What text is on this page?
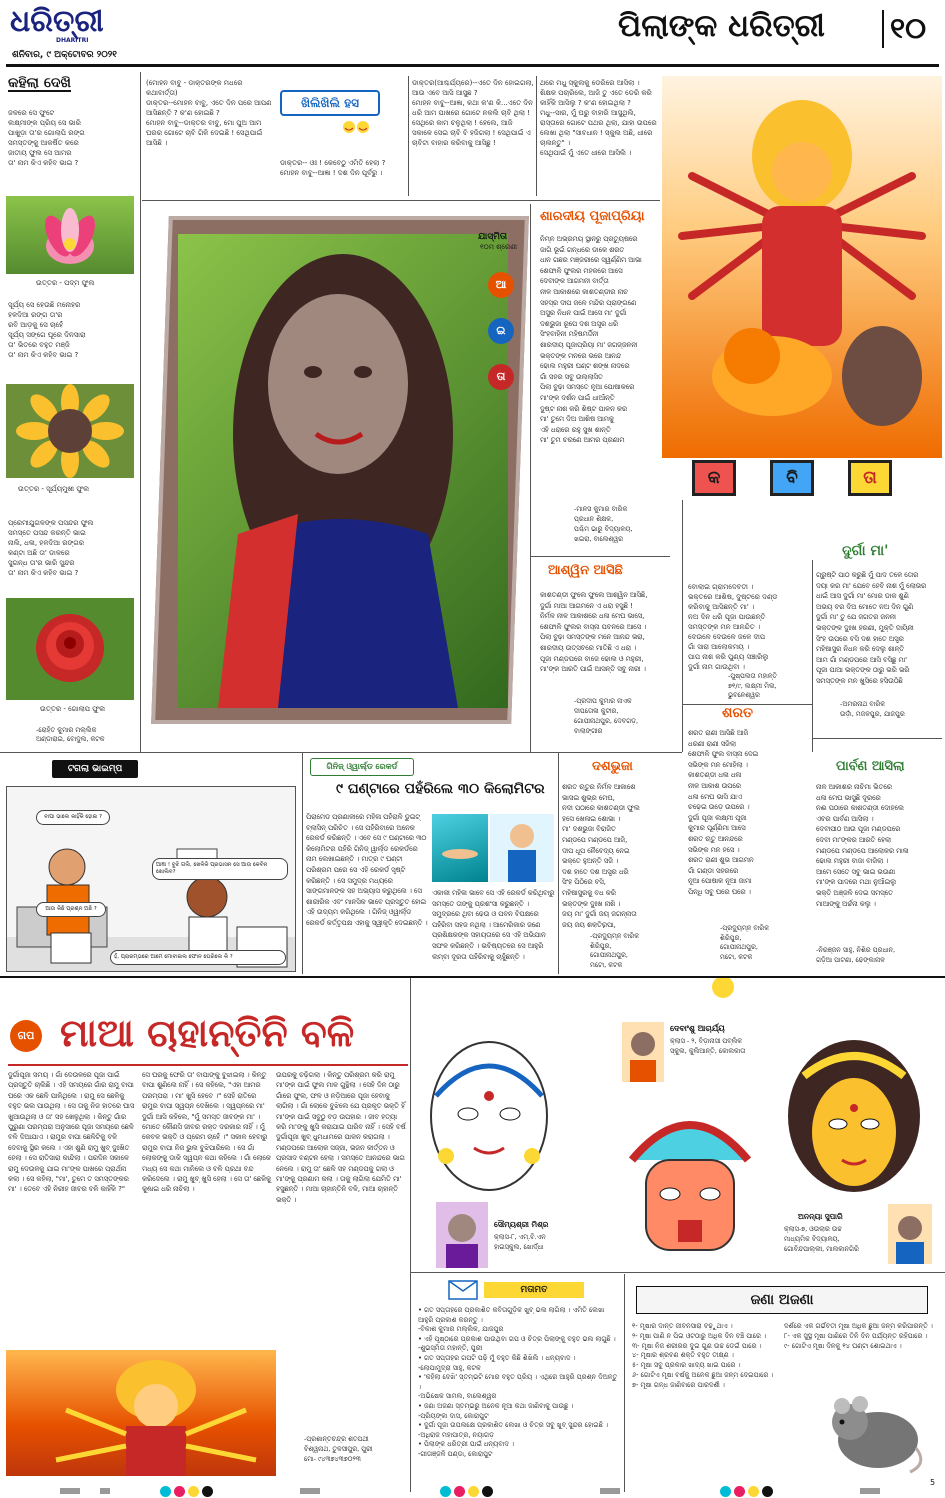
ଧରିତ୍ରୀ
DHARITRI
ଶନିବାର, ୯ ଅକ୍ଟୋବର ୨୦୨୧
ପିଲାଙ୍କ ଧରିତ୍ରୀ ୧୦
କହିଲା ଦେଖି
ଜଳରେ ସେ ଫୁଟେ
ଲକ୍ଷ୍ମୀଙ୍କ ପ୍ରିୟ ସେ ଭାରି
ପାଖୁଡ଼ା ତା'ର ଗୋଲାପି ରଙ୍ଗ
ସମସ୍ତଙ୍କୁ ଆକର୍ଷିତ କରେ
ଜାତୀୟ ଫୁଲ ସେ ଆମର
ତା' ନାମ କିଏ କହିବ ଭାଇ ?
ଉତ୍ତର - ପଦ୍ମ ଫୁଲ
ସୂର୍ଯ୍ୟ ସେ ହେଉଛି ମନୋହର
ହଳଦିଆ ରଙ୍ଗ ତା'ର
ରବି ଆଡ଼କୁ ସେ ଚାହେଁ
ସୂର୍ଯ୍ୟ ସଙ୍ଗେ ଘୂରେ ଦିନସାରା
ତା' ଭିତରେ ବହୁତ ମଞ୍ଜି
ତା' ନାମ କିଏ କହିବ ଭାଇ ?
ଉତ୍ତର - ସୂର୍ଯ୍ୟମୁଖୀ ଫୁଲ
ପ୍ରେମୀଯୁଗଳଙ୍କ ପସନ୍ଦର ଫୁଲ
ସମସ୍ତେ ପସନ୍ଦ କରନ୍ତି ଭାଇ
ନାଲି, ଧଳା, ହଳଦିଆ ରଙ୍ଗର
କଣ୍ଟା ଅଛି ତା' ଡାଳରେ
ସୁଗନ୍ଧ ତା'ର ଭାରି ସୁନ୍ଦର
ତା' ନାମ କିଏ କହିବ ଭାଇ ?
ଉତ୍ତର - ଗୋଲାପ ଫୁଲ
-ରୋହିତ କୁମାର ମଲ୍ଲିକ
ଅଣ୍ଡାରାଇ, ବୋଦୁଲ, କଟକ
(ମୋହନ ବାବୁ - ଡାକ୍ତରଙ୍କ ମଧରେ କଥାବାର୍ତ୍ତା)
ଡାକ୍ତର--ମୋହନ ବାବୁ, ଏତେ ଦିନ ପରେ ଆପଣ ଆସିଛନ୍ତି ? କ'ଣ ହୋଇଛି ?
ମୋହନ ବାବୁ--ଡାକ୍ତର ବାବୁ, ମୋ ପୁଅ ଆମ ଘରର ଗୋଟେ ଚାବି ଗିଳି ଦେଇଛି ! ସେଥିପାଇଁ ଆସିଛି ।
ଖିଲିଖିଲି ହସ
ଡାକ୍ତର-- ଓଃ ! କେବେଠୁ ଏମିତି ହେଲା ?
ମୋହନ ବାବୁ--ଆଜ୍ଞା ! ଦଶ ଦିନ ପୂର୍ବରୁ ।
ଡାକ୍ତର(ଆଶ୍ଚର୍ଯ୍ୟରେ)--ଏତେ ଦିନ ହୋଇଗଲା, ଆଉ ଏବେ ଆସି ଆସୁଛ ?
ମୋହନ ବାବୁ--ଆଜ୍ଞା, କଥା କ'ଣ କି...ଏତେ ଦିନ ଧରି ଆମ ପାଖରେ ଗୋଟେ ନକଲି ଚାବି ଥିଲା ! ସେଥିରେ କାମ ଚଳୁଥିଲା ! ହେଲେ, ଆଜି ସକାଳେ ସେଇ ଚାବି ବି ହଜିଗଲା ! ସେଥିପାଇଁ ଏ ଚାବିଟା ବାହାର କରିବାକୁ ଆସିଛୁ !
ଥରେ ମଧୁ ସ୍କୁଲକୁ ଡେରିରେ ଆସିଲା ।
ଶିକ୍ଷକ ପଚାରିଲେ, ଆଜି ତୁ ଏତେ ଡେରି କରି କାହିଁକି ଆସିଲୁ ? କ'ଣ ହୋଇଥିଲା ?
ମଧୁ--ସାର, ମୁଁ ଘରୁ ବାହାରି ଆସୁଥିଲି, ରାସ୍ତାରେ ଗୋଟେ ପଥର ଥିଲା, ଯାହା ଉପରେ ଲେଖା ଥିଲା "ସାବଧାନ ! ସ୍କୁଲ ଅଛି, ଧୀରେ ଚାଲନ୍ତୁ" ।
ସେଥିପାଇଁ ମୁଁ ଏତେ ଧୀରେ ଆସିଲି ।
ଯାସ୍ମିତା
୧୦ମ ଶ୍ରେଣୀ
ଆ
ଇ
ତା
ଶାରଦୀୟ ପୂଜାପ୍ରିୟା
ନିମ୍ନ ଅଭ୍ରମୟ ସ୍ଥାନରୁ ପ୍ରତ୍ୟୁଷରେ
ଜାଗି ଭୂଇଁ ଗନ୍ଧରେ ଡାକେ ଶରତ
ଧାନ ଗଛର ମଞ୍ଜରୀରେ ସ୍ୱର୍ଣ୍ଣିମ ଆଭା
ଶେଫାଳି ଫୁଲର ମହକରେ ଆସେ
ଦେବୀଙ୍କ ଆଗମନୀ ବାର୍ତ୍ତା
ନୀଳ ଆକାଶରେ କାଶତଣ୍ଡୀର ନାଚ
ସହସ୍ର ଦୀପ ଜଳେ ମନ୍ଦିର ପ୍ରାଙ୍ଗଣେ
ଅସୁର ନିଧନ ପାଇଁ ଆସେ ମା' ଦୁର୍ଗା
ଦଶଭୁଜା ରୂପେ ଦଶ ଅସ୍ତ୍ର ଧରି
ସିଂହବାହିନୀ ମହିଷମର୍ଦ୍ଦିନୀ
ଶାରଦୀୟ ପୂଜାପ୍ରିୟା ମା' ଜଗଜ୍ଜନନୀ
ଭକ୍ତଙ୍କ ମନରେ ଭରେ ଆନନ୍ଦ
ଢୋଲ ମହୁରୀ ଘଣ୍ଟ ଶଙ୍ଖ ନାଦରେ
ଗାଁ ସହର ସବୁ ଉଲ୍ଲାସିତ
ପିଲା ବୁଢ଼ା ସମସ୍ତେ ନୂଆ ପୋଷାକରେ
ମା'ଙ୍କ ଦର୍ଶନ ପାଇଁ ଧାଆଁନ୍ତି
ଦୁଷ୍ଟ ନାଶ କରି ଶିଷ୍ଟ ପାଳନ କର
ମା' ତୁମେ ଦିଅ ଆଶିଷ ଆମକୁ
ଏହି ଧରାରେ ରହୁ ସୁଖ ଶାନ୍ତି
ମା' ତୁମ ଚରଣେ ଆମର ପ୍ରଣାମ
-ମାନସ କୁମାର ବାରିକ
ପ୍ରଧାନ ଶିକ୍ଷକ,
ପଶ୍ଚିମ ଭାରୁ ବିଦ୍ୟାଳୟ,
ଖଇରା, ବାଲେଶ୍ୱର
କ	ବି	ତା
ଆଶ୍ୱିନ ଆସିଛି
କାଶତଣ୍ଡୀ ଫୁଲେ ଫୁଲେ ଆଶ୍ୱିନ ଆସିଛି,
ଦୁର୍ଗା ମାଆ ଆଗମନେ ଏ ଧରା ହସୁଛି !
ନିର୍ମଳ ନୀଳ ଆକାଶରେ ଧଳା ମେଘ ଭାସେ,
ଶେଫାଳି ଫୁଲର ବାସ୍ନା ପବନରେ ଆସେ ।
ପିଲା ବୁଢ଼ା ସମସ୍ତଙ୍କ ମନେ ଆନନ୍ଦ ଭରା,
ଶାରଦୀୟ ଉତ୍ସବରେ ମାତିଛି ଏ ଧରା ।
ପୂଜା ମଣ୍ଡପରେ ବାଜେ ଢୋଲ ଓ ମହୁରୀ,
ମା'ଙ୍କ ଆରତି ପାଇଁ ଆସନ୍ତି ସବୁ ନାରୀ ।
-ପ୍ରଦୀପ କୁମାର ନାଏକ
ଦୀପତୋଳା କୁଟୀର,
ଗୋପୀନାଥପୁର, ଦେବଗଡ଼,
ବାଲାଙ୍ଗୀର
ବୋଲାଇ ଗ୍ରାମଦେବତୀ ।
ଭକ୍ତରେ ଆଶିଷ, ଦୁଷ୍ଟରେ ଦଣ୍ଡ
କରିବାକୁ ଆସିଛନ୍ତି ମା' ।
ନଅ ଦିନ ଧରି ପୂଜା ପାଉଛନ୍ତି
ସମସ୍ତଙ୍କ ମନ ଆନନ୍ଦିତ ।
ଦେଉଳେ ଦେଉଳେ ଜଳେ ଦୀପ
ଗାଁ ସାରା ଆଲୋକମୟ ।
ପାପ ନାଶ କରି ପୁଣ୍ୟ ସଞ୍ଚାରିଲୁ
ଦୁର୍ଗା ନାମ ଗାଉଥିବା ।
-ପୁଷ୍ପଲତା ମହାନ୍ତି
୭୧/୯, ଲକ୍ଷ୍ମୀ ମିଲ,
ଭୁବନେଶ୍ୱର
ଦୁର୍ଗା ମା'
ଗ୍ରୁଷ୍ଟି ପାଠ କରୁଛି ମୁଁ ପାଦ ତଳେ ତୋର
ଦୟା କର ମା' ଯେବେ ହେବି ନାଶ ମୁଁ ଲୋଭର
ଧାଇଁ ଆସ ଦୁର୍ଗା ମା' ମୋର ଡାକ ଶୁଣି
ଅଭୟ ବର ଦିଅ ମୋତେ ନଅ ଦିନ ଗୁଣି
ଦୁର୍ଗା ମା' ତୁ ଯେ ଜଗତର ଜନନୀ
ଭକ୍ତଙ୍କ ଦୁଃଖ ହରଣୀ, ମୁକ୍ତି ଦାୟିନୀ
ସିଂହ ଉପରେ ବସି ଦଶ ହାତେ ଅସ୍ତ୍ର
ମହିଷାସୁର ନିଧନ କରି ଦେଲୁ ଶାନ୍ତି
ଆମ ଗାଁ ମଣ୍ଡପରେ ଆସି ବସିଛୁ ମା'
ପୂଜା ପାଆ ଭକ୍ତଙ୍କ ଠାରୁ ଭରି ଭରି
ସମସ୍ତଙ୍କ ମନ ଖୁସିରେ ହସିଉଠିଛି
-ଅମରନାଥ ବାରିକ
ଉଡ଼ାଁ, ମଜଳପୁର, ଯାଜପୁର
ଶରତ
ଶରତ ରାଣୀ ଆସିଛି ଆଜି
ଧରଣୀ ରାଣୀ ସଜିଲା
ଶେଫାଳି ଫୁଲ ବାସ୍ନା ଦେଇ
ସଭିଙ୍କ ମନ ମୋହିଲା ।
କାଶତଣ୍ଡୀ ଧଳା ଧଳା
ନୀଳ ଆକାଶ ଉପରେ
ଧଳା ମେଘ ଭାସି ଯାଏ
ଚଢ଼େଇ ଉଡ଼େ ଉପରେ ।
ଦୁର୍ଗା ପୂଜା ଲକ୍ଷ୍ମୀ ପୂଜା
କୁମାର ପୂର୍ଣ୍ଣିମା ଆସେ
ଶରତ ଋତୁ ଆନନ୍ଦରେ
ସଭିଙ୍କ ମନ ହସେ ।
ଶରତ ରାଣୀ ଶୁଭ ଆଗମନ
ଗାଁ ଗଣ୍ଡା ସହରରେ
ନୂଆ ପୋଷାକ ନୂଆ ଜାମା
ପିନ୍ଧି ସବୁ ଘରେ ଘରେ ।
-ପ୍ରଦ୍ୟୁମ୍ନ ବାରିକ
ଶିରିପୁର,
ଗୋପୀନାଥପୁର,
ମଟୋ, କଟକ
ପାର୍ବଣ ଆସିଲା
ନାଳ ଆକାଶର ନାଚିମା ଭିତରେ
ଧଳା ମେଘ ଭାସୁଛି ଦୂରରେ
ନଈ ପଠାରେ କାଶତଣ୍ଡୀ ଦୋହଲେ
ଏବର ପାର୍ବଣ ଆସିଲା ।
ଦେବୀପୀଠ ଆଉ ପୂଜା ମଣ୍ଡପରେ
ଦେବୀ ମା'ଙ୍କର ଆରତି ହେଲା
ମଣ୍ଡପେ ମଣ୍ଡପେ ଆଲୋକର ମାଳା
ଢୋଲ ମହୁରୀ ବାଜା ବାଜିଲା ।
ଆମେ ସେତେ ସବୁ ଭାଇ ଭଉଣୀ
ମା'ଙ୍କ ପାଦରେ ମଥା ନୁଆଁଇଲୁ
ଭକ୍ତି ଅଞ୍ଜଳି ଦେଇ ସମସ୍ତେ
ମାଆଙ୍କୁ ଅର୍ଚ୍ଚନା କଲୁ ।
-ନିରଞ୍ଜନ ସାହୁ, ନିଶିର ପ୍ରଧାନ,
ଗଡ଼ିଆ ପାଟଣା, ଢେଙ୍କାନାଳ
ଦଶଭୁଜା
ଶରତ ଋତୁର ନିର୍ମଳ ଆକାଶେ
ଭାସଇ ଶୁଭ୍ର ମେଘ,
ନଦୀ ପଠାରେ କାଶତଣ୍ଡୀ ଫୁଲ
ହସେ ଖେଳାଇ ଶୋଭା ।
ମା' ଦଶଭୁଜା ବିରାଜିତ
ମଣ୍ଡପେ ମଣ୍ଡପେ ଆଜି,
ଦୀପ ଧୂପ ନୈବେଦ୍ୟ ନେଇ
ଭକ୍ତେ ହୁଅନ୍ତି ସଜି ।
ଦଶ ହାତେ ଦଶ ଅସ୍ତ୍ର ଧରି
ସିଂହ ପିଠିରେ ବସି,
ମହିଷାସୁରକୁ ବଧ କରି
ଭକ୍ତଙ୍କ ଦୁଃଖ ନାଶି ।
ଜୟ ମା' ଦୁର୍ଗା ଜୟ ଜଗନ୍ନାତା
ଜୟ ଜୟ ଶକ୍ତିରୂପା,

-ପ୍ରଦ୍ୟୁମ୍ନ ବାରିକ
ଶିରିପୁର,
ଗୋପୀନାଥପୁର,
ମଟୋ, କଟକ
ଟଗଲା ଭାଇମ୍ପ
ବାପା ଭାଲେ କାହିଁକି ହୋଇ ?
ଆଜ୍ଞା ! ବୁଝି ଗଲି, ଖେଳିକି ପ୍ରଭାସନ ସେ ଆଉ କେବିନ ଖୋଲିବ?
ଆଉ କିଛି ପ୍ରଶ୍ନ ଅଛି ?
ହଁ, ପ୍ରାରମ୍ଭରେ ଆମେ ମୋବାଇଲ ଫୋନ ଘେରିଲେ କି ?
ଗିନିଜ୍ ଓ୍ୱାର୍ଲ୍ଡ ରେକର୍ଡ
୯ ଘଣ୍ଟାରେ ପହଁରିଲେ ୩୦ କିଲୋମିଟର
ପିରାମେଡ ପ୍ରଣାଳୀରେ ମହିଳା ପହଁରାଳି ଡୁଇଟ୍ ବ୍ଲାସିନ୍ ପରିଚିତ । ସେ ପହଁରିବାରେ ଅନେକ ରେକର୍ଡ କରିଛନ୍ତି । ଏବେ ସେ ୯ ଘଣ୍ଟାରେ ୩୦ କିଲୋମିଟର ପହଁରି ଗିନିଜ୍ ୱାର୍ଲ୍ଡ ରେକର୍ଡରେ ନାମ ଲେଖାଇଛନ୍ତି । ମାତ୍ର ୯ ଘଣ୍ଟା ପରିଶ୍ରମ ପରେ ସେ ଏହି ରେକର୍ଡ ସୃଷ୍ଟି କରିଛନ୍ତି । ସେ ସମୁଦ୍ର ମଧ୍ୟରେ ସାଙ୍ଗମାନଙ୍କ ସହ ଅଭ୍ୟାସ କରୁଥିଲେ । ସେ ଶାରୀରିକ ଏବଂ ମାନସିକ ଭାବେ ପ୍ରସ୍ତୁତ ହୋଇ ଏହି ଉଦ୍ୟମ କରିଥିଲେ । ଗିନିଜ୍ ଓ୍ୱାର୍ଲ୍ଡ ରେକର୍ଡ କର୍ତ୍ତୃପକ୍ଷ ଏହାକୁ ସ୍ୱୀକୃତି ଦେଇଛନ୍ତି ।
ଏକାକୀ ମହିଳା ଭାବେ ସେ ଏହି ରେକର୍ଡ କରିଥିବାରୁ ସମସ୍ତେ ତାଙ୍କୁ ପ୍ରଶଂସା କରୁଛନ୍ତି । ସମୁଦ୍ରରେ ଥିବା ଢେଉ ଓ ପବନ ବିପକ୍ଷରେ ପହଁରିବା ସହଜ ନଥିଲା । ଆମେରିକାର ଜଣେ ପ୍ରଶିକ୍ଷକଙ୍କ ସହାୟତାରେ ସେ ଏହି ଅଭିଯାନ ସଫଳ କରିଛନ୍ତି । ଭବିଷ୍ୟତରେ ସେ ଆହୁରି ଲମ୍ବା ଦୂରତା ପହଁରିବାକୁ ଚାହୁଁଛନ୍ତି ।
ଗପ ମାଆ ଚାହାନ୍ତିନି ବଳି
ଦୁର୍ଗାପୂଜା ସମୟ । ଗାଁ ଦେଉଳରେ ପୂଜା ପାଇଁ ପ୍ରସ୍ତୁତି ଚାଲିଛି । ଏହି ସମୟରେ ଗାଁର ରାମୁ ବାପା ଘରେ ଏକ ଛେଳି ପାଳିଥିଲେ । ରାମୁ ସେ ଛେଳିକୁ ବହୁତ ଭଲ ପାଉଥିଲା । ସେ ତାକୁ ନିଜ ହାତରେ ଘାସ ଖୁଆଉଥିଲା ଓ ତା' ସହ ଖେଳୁଥିଲା । କିନ୍ତୁ ଗାଁର ପୁରୁଣା ପରମ୍ପରା ଅନୁସାରେ ପୂଜା ସମୟରେ ଛେଳି ବଳି ଦିଆଯାଏ । ରାମୁର ବାପା ଛେଳିଟିକୁ ବଳି ଦେବାକୁ ସ୍ଥିର କଲେ । ଏହା ଶୁଣି ରାମୁ ଖୁବ୍ ଦୁଃଖିତ ହେଲା । ସେ ରାତିସାରା କାନ୍ଦିଲା । ପରଦିନ ସକାଳେ ରାମୁ ଦେଉଳକୁ ଯାଇ ମା'ଙ୍କ ପାଖରେ ପ୍ରାର୍ଥନା କଲା । ସେ କହିଲା, "ମା', ତୁମେ ତ ସମସ୍ତଙ୍କର ମା' । ତେବେ ଏହି ନିରୀହ ଜୀବର ବଳି କାହିଁକି ?"
ସେ ଘରକୁ ଫେରି ତା' ବାପାଙ୍କୁ ବୁଝାଇଲା । କିନ୍ତୁ ବାପା ଶୁଣିଲେ ନାହିଁ । ସେ କହିଲେ, "ଏହା ଆମର ପରମ୍ପରା । ମା' ଖୁସି ହେବେ ।" ସେହି ରାତିରେ ରାମୁର ବାପା ସ୍ୱପ୍ନ ଦେଖିଲେ । ସ୍ୱପ୍ନରେ ମା' ଦୁର୍ଗା ଆସି କହିଲେ, "ମୁଁ ସମସ୍ତ ଜୀବଙ୍କ ମା' । ମୋତେ କୌଣସି ଜୀବର ରକ୍ତ ଦରକାର ନାହିଁ । ମୁଁ କେବଳ ଭକ୍ତି ଓ ପ୍ରେମ ଚାହେଁ ।" ସକାଳ ହେବାରୁ ରାମୁର ବାପା ନିଜ ଭୁଲ ବୁଝିପାରିଲେ । ସେ ଗାଁ ଲୋକଙ୍କୁ ଡାକି ସ୍ୱପ୍ନ କଥା କହିଲେ । ଗାଁ ଲୋକେ ମଧ୍ୟ ସେ କଥା ମାନିଲେ ଓ ବଳି ପ୍ରଥା ବନ୍ଦ କରିଦେଲେ । ରାମୁ ଖୁବ୍ ଖୁସି ହେଲା । ସେ ତା' ଛେଳିକୁ କୁଣ୍ଢାଇ ଧରି ନାଚିଲା ।
ଉପରକୁ ଚଢ଼ିଗଲା । କିନ୍ତୁ ପରିଶ୍ରମ କରି ରାମୁ ମା'ଙ୍କ ପାଇଁ ଫୁଲ ମାଳ ଗୁନ୍ଥିଲା । ସେହି ଦିନ ଠାରୁ ଗାଁରେ ଫୁଲ, ଫଳ ଓ ନଡ଼ିଆରେ ପୂଜା ହେବାକୁ ଲାଗିଲା । ଗାଁ ଲୋକେ ବୁଝିଲେ ଯେ ପ୍ରକୃତ ଭକ୍ତି ହିଁ ମା'ଙ୍କ ପାଇଁ ସବୁଠୁ ବଡ଼ ଉପହାର । ଜୀବ ହତ୍ୟା କରି ମା'ଙ୍କୁ ଖୁସି କରାଯାଇ ପାରିବ ନାହିଁ । ସେହି ବର୍ଷ ଦୁର୍ଗାପୂଜା ଖୁବ୍ ଧୁମଧାମରେ ପାଳନ କରାଗଲା । ମଣ୍ଡପରେ ଆଲୋକ ସଜ୍ଜା, ଭଜନ କୀର୍ତ୍ତନ ଓ ପ୍ରସାଦ ବଣ୍ଟନ ହେଲା । ସମସ୍ତେ ଆନନ୍ଦରେ ଭାଗ ନେଲେ । ରାମୁ ତା' ଛେଳି ସହ ମଣ୍ଡପକୁ ଗଲା ଓ ମା'ଙ୍କୁ ପ୍ରଣାମ କଲା । ତାକୁ ଲାଗିଲା ଯେମିତି ମା' ହସୁଛନ୍ତି । ମାଆ ଚାହାନ୍ତିନି ବଳି, ମାଆ ଚାହାନ୍ତି ଭକ୍ତି ।
-ପ୍ରଶାନ୍ତଚନ୍ଦ୍ର ଶତପଥୀ
ବିଶ୍ୱନାଥ, ତୁଳସୀପୁର, ପୁରୀ
ମୋ- ୯୪୩୭୪୩୭୦୨୩
ଦେବାଂଶୁ ଆଚାର୍ଯ୍ୟ
କ୍ଲାସ - ୨, ବିଡ଼ାନାସୀ ପବ୍ଲିକ
ସ୍କୁଲ, କୁଲିଆନ୍ତି, କୋଲକାତା
ସୌମ୍ୟଶ୍ରୀ ମିଶ୍ର
କ୍ଲାସ-୮, ଏମ୍.ବି.ଏନ
ହାଇସ୍କୁଲ, ଖୋର୍ଦ୍ଧା
ଅନନ୍ୟା ସୁପାରି
କ୍ଲାସ-୭, ଓଉଲାର ଉଚ୍ଚ
ମାଧ୍ୟମିକ ବିଦ୍ୟାଳୟ,
ଗୋବିନ୍ଦପାଲ୍ଲୀ, ମାଲକାନଗିରି
ମତାମତ
• ଗତ ସପ୍ତାହରେ ପ୍ରକାଶିତ କବିତାଗୁଡ଼ିକ ଖୁବ୍ ଭଲ ଲାଗିଲା । ଏମିତି ଲେଖା ଆହୁରି ପ୍ରକାଶ କରନ୍ତୁ ।
-ବିକାଶ କୁମାର ମଲ୍ଲିକ, ଯାଜପୁର
• ଏହି ପୃଷ୍ଠାରେ ପ୍ରକାଶ ପାଉଥିବା ଗପ ଓ ଚିତ୍ର ପିଲାଙ୍କୁ ବହୁତ ଭଲ ଲାଗୁଛି ।
-ଶୁଭସ୍ମିତା ମହାନ୍ତି, ପୁରୀ
• ଗତ ସପ୍ତାହର ଗପଟି ପଢ଼ି ମୁଁ ବହୁତ କିଛି ଶିଖିଲି । ଧନ୍ୟବାଦ ।
-ଲୋପାମୁଦ୍ରା ସାହୁ, କଟକ
• 'କହିଲା ଦେଖି' ସ୍ତମ୍ଭଟି ମୋର ବହୁତ ପ୍ରିୟ । ଏଥିରେ ଆହୁରି ପ୍ରଶ୍ନ ଦିଅନ୍ତୁ ।
-ଅଭିଷେକ ସାମଲ, ବାଲେଶ୍ୱର
• ଜଣା ଅଜଣା ସ୍ତମ୍ଭରୁ ଅନେକ ନୂଆ କଥା ଜାଣିବାକୁ ପାଉଛୁ ।
-ପ୍ରିୟଙ୍କା ଦାସ, କୋରାପୁଟ
• ଦୁର୍ଗା ପୂଜା ଉପଲକ୍ଷେ ପ୍ରକାଶିତ ଲେଖା ଓ ଚିତ୍ର ସବୁ ଖୁବ୍ ସୁନ୍ଦର ହୋଇଛି ।
-ଅଧିରାଜ ମହାପାତ୍ର, ନୟାଗଡ଼
• ପିଲାଙ୍କ ଧରିତ୍ରୀ ପାଇଁ ଧନ୍ୟବାଦ ।
-ଗୀତାଞ୍ଜଳି ପଣ୍ଡା, କୋରାପୁଟ
ଜଣା ଅଜଣା
୧- ମୂଷାର ଦାନ୍ତ ଜୀବନସାରା ବଢ଼ୁଥାଏ ।
୨- ମୂଷା ପାଣି ନ ପିଇ ଓଟଠାରୁ ଅଧିକ ଦିନ ବଞ୍ଚି ପାରେ ।
୩- ମୂଷା ନିଜ ଶରୀରର ଦୁଇ ଗୁଣ ଉଚ୍ଚ ଡେଇଁ ପାରେ ।
୪- ମୂଷାର ଶ୍ରବଣ ଶକ୍ତି ବହୁତ ତୀକ୍ଷ୍ଣ ।
୫- ମୂଷା ସବୁ ପ୍ରକାର ଖାଦ୍ୟ ଖାଇ ପାରେ ।
୬- ଗୋଟିଏ ମୂଷା ବର୍ଷକୁ ଅନେକ ଛୁଆ ଜନ୍ମ ଦେଇପାରେ ।
୭- ମୂଷା ଗନ୍ଧ ଜାଣିବାରେ ପାରଦର୍ଶୀ ।
ଦର୍ଶରେ ଏକ ଗର୍ଭବତୀ ମୂଷା ଅଧିକ ଛୁଆ ଜନ୍ମ କରିପାରନ୍ତି ।
୮- ଏକ ସୁସ୍ଥ ମୂଷା ପାଣିରେ ତିନି ଦିନ ପର୍ଯ୍ୟନ୍ତ ରହିପାରେ ।
୯- ଗୋଟିଏ ମୂଷା ଦିନକୁ ୧୪ ଘଣ୍ଟା ଶୋଇଥାଏ ।
5
